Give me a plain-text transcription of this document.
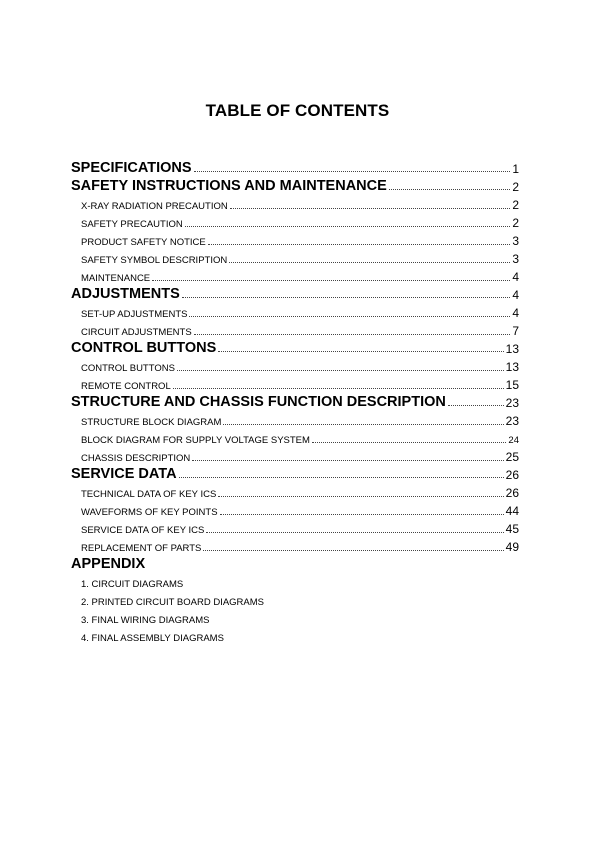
TABLE OF CONTENTS
SPECIFICATIONS	1
SAFETY INSTRUCTIONS AND MAINTENANCE	2
X-RAY RADIATION PRECAUTION	2
SAFETY PRECAUTION	2
PRODUCT SAFETY NOTICE	3
SAFETY SYMBOL DESCRIPTION	3
MAINTENANCE	4
ADJUSTMENTS	4
SET-UP ADJUSTMENTS	4
CIRCUIT ADJUSTMENTS	7
CONTROL BUTTONS	13
CONTROL BUTTONS	13
REMOTE CONTROL	15
STRUCTURE AND CHASSIS FUNCTION DESCRIPTION	23
STRUCTURE BLOCK DIAGRAM	23
BLOCK DIAGRAM FOR SUPPLY VOLTAGE SYSTEM	24
CHASSIS DESCRIPTION	25
SERVICE DATA	26
TECHNICAL DATA OF KEY ICS	26
WAVEFORMS OF KEY POINTS	44
SERVICE DATA OF KEY ICS	45
REPLACEMENT OF PARTS	49
APPENDIX
1. CIRCUIT DIAGRAMS
2. PRINTED CIRCUIT BOARD DIAGRAMS
3. FINAL WIRING DIAGRAMS
4. FINAL ASSEMBLY DIAGRAMS
